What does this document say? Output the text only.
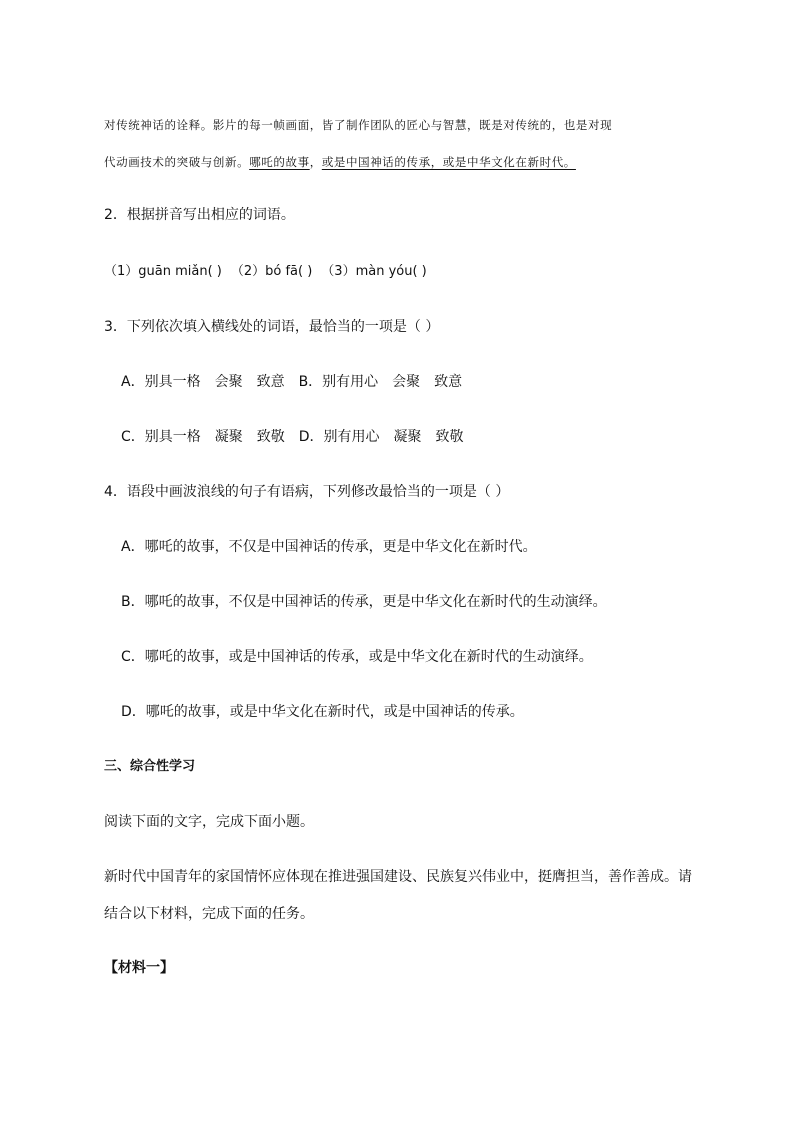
对传统神话的诠释。影片的每一帧画面，皆了制作团队的匠心与智慧，既是对传统的，也是对现
代动画技术的突破与创新。哪吒的故事，或是中国神话的传承，或是中华文化在新时代。
2．根据拼音写出相应的词语。
（1）guān miǎn( ) （2）bó fā( ) （3）màn yóu( )
3．下列依次填入横线处的词语，最恰当的一项是（ ）
A．别具一格　会聚　致意 B．别有用心　会聚　致意
C．别具一格　凝聚　致敬 D．别有用心　凝聚　致敬
4．语段中画波浪线的句子有语病，下列修改最恰当的一项是（ ）
A．哪吒的故事，不仅是中国神话的传承，更是中华文化在新时代。
B．哪吒的故事，不仅是中国神话的传承，更是中华文化在新时代的生动演绎。
C．哪吒的故事，或是中国神话的传承，或是中华文化在新时代的生动演绎。
D．哪吒的故事，或是中华文化在新时代，或是中国神话的传承。
三、综合性学习
阅读下面的文字，完成下面小题。
新时代中国青年的家国情怀应体现在推进强国建设、民族复兴伟业中，挺膺担当，善作善成。请
结合以下材料，完成下面的任务。
【材料一】
